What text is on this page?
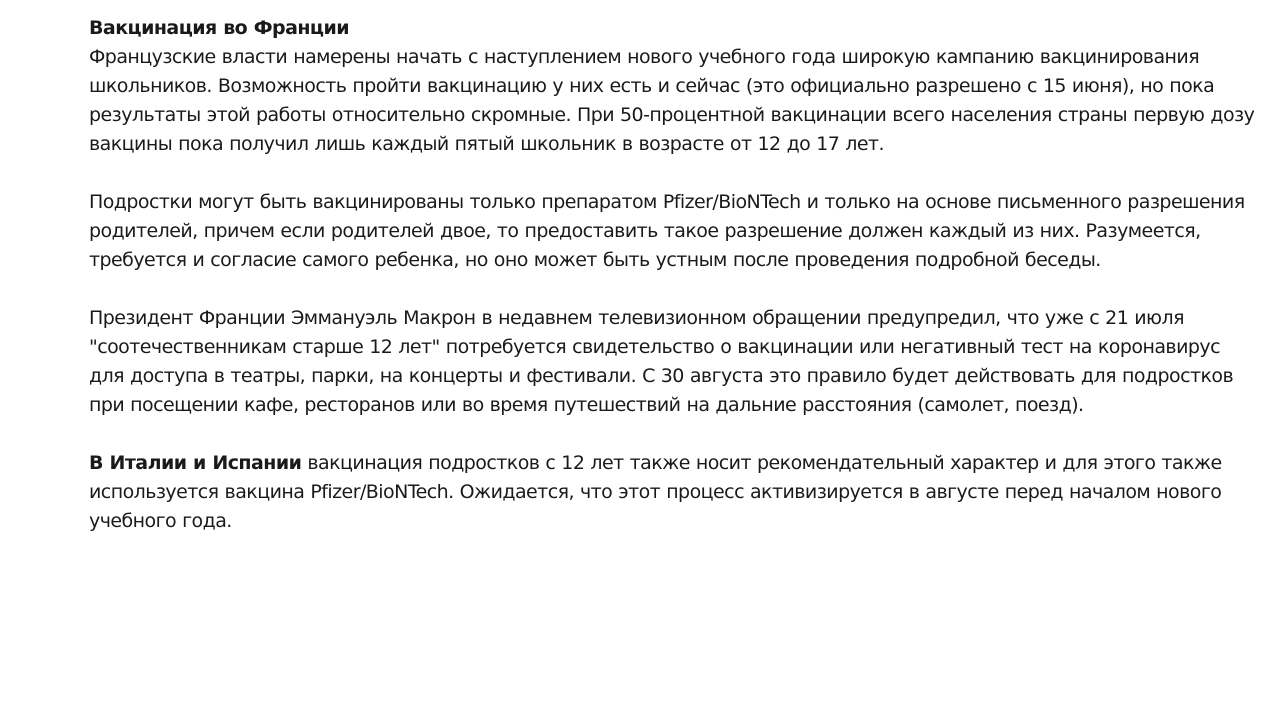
Вакцинация во Франции
Французские власти намерены начать с наступлением нового учебного года широкую кампанию вакцинирования школьников. Возможность пройти вакцинацию у них есть и сейчас (это официально разрешено с 15 июня), но пока результаты этой работы относительно скромные. При 50-процентной вакцинации всего населения страны первую дозу вакцины пока получил лишь каждый пятый школьник в возрасте от 12 до 17 лет.

Подростки могут быть вакцинированы только препаратом Pfizer/BioNTech и только на основе письменного разрешения родителей, причем если родителей двое, то предоставить такое разрешение должен каждый из них. Разумеется, требуется и согласие самого ребенка, но оно может быть устным после проведения подробной беседы.

Президент Франции Эммануэль Макрон в недавнем телевизионном обращении предупредил, что уже с 21 июля "соотечественникам старше 12 лет" потребуется свидетельство о вакцинации или негативный тест на коронавирус для доступа в театры, парки, на концерты и фестивали. С 30 августа это правило будет действовать для подростков при посещении кафе, ресторанов или во время путешествий на дальние расстояния (самолет, поезд).

В Италии и Испании вакцинация подростков с 12 лет также носит рекомендательный характер и для этого также используется вакцина Pfizer/BioNTech. Ожидается, что этот процесс активизируется в августе перед началом нового учебного года.
